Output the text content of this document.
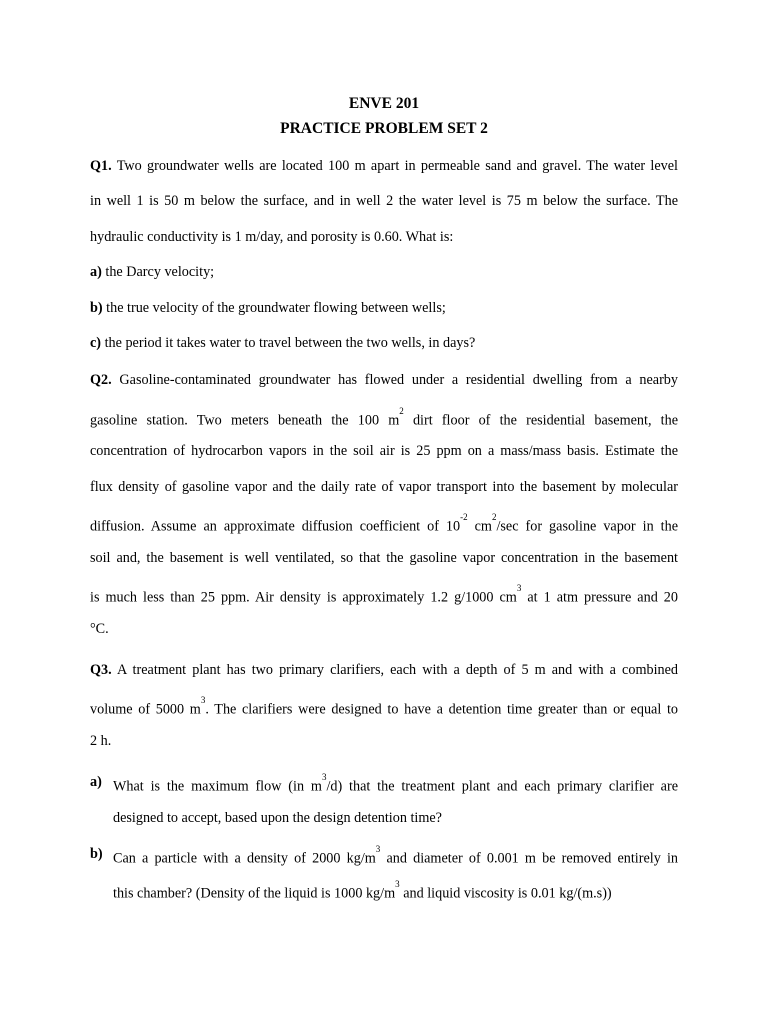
ENVE 201
PRACTICE PROBLEM SET 2
Q1. Two groundwater wells are located 100 m apart in permeable sand and gravel. The water level
in well 1 is 50 m below the surface, and in well 2 the water level is 75 m below the surface. The
hydraulic conductivity is 1 m/day, and porosity is 0.60. What is:
a) the Darcy velocity;
b) the true velocity of the groundwater flowing between wells;
c) the period it takes water to travel between the two wells, in days?
Q2. Gasoline-contaminated groundwater has flowed under a residential dwelling from a nearby
gasoline station. Two meters beneath the 100 $m^2$ dirt floor of the residential basement, the
concentration of hydrocarbon vapors in the soil air is 25 ppm on a mass/mass basis. Estimate the
flux density of gasoline vapor and the daily rate of vapor transport into the basement by molecular
diffusion. Assume an approximate diffusion coefficient of $10^{-2}$ $cm^2/\sec$ for gasoline vapor in the
soil and, the basement is well ventilated, so that the gasoline vapor concentration in the basement
is much less than 25 ppm. Air density is approximately 1.2 g/1000 $cm^3$ at 1 atm pressure and 20
°C.
Q3. A treatment plant has two primary clarifiers, each with a depth of 5 m and with a combined
volume of 5000 $m^3$. The clarifiers were designed to have a detention time greater than or equal to
2 h.
a) What is the maximum flow (in $m^3/d$) that the treatment plant and each primary clarifier are
designed to accept, based upon the design detention time?
b) Can a particle with a density of 2000 $kg/m^3$ and diameter of 0.001 m be removed entirely in
this chamber? (Density of the liquid is 1000 $kg/m^3$ and liquid viscosity is 0.01 kg/(m.s))
